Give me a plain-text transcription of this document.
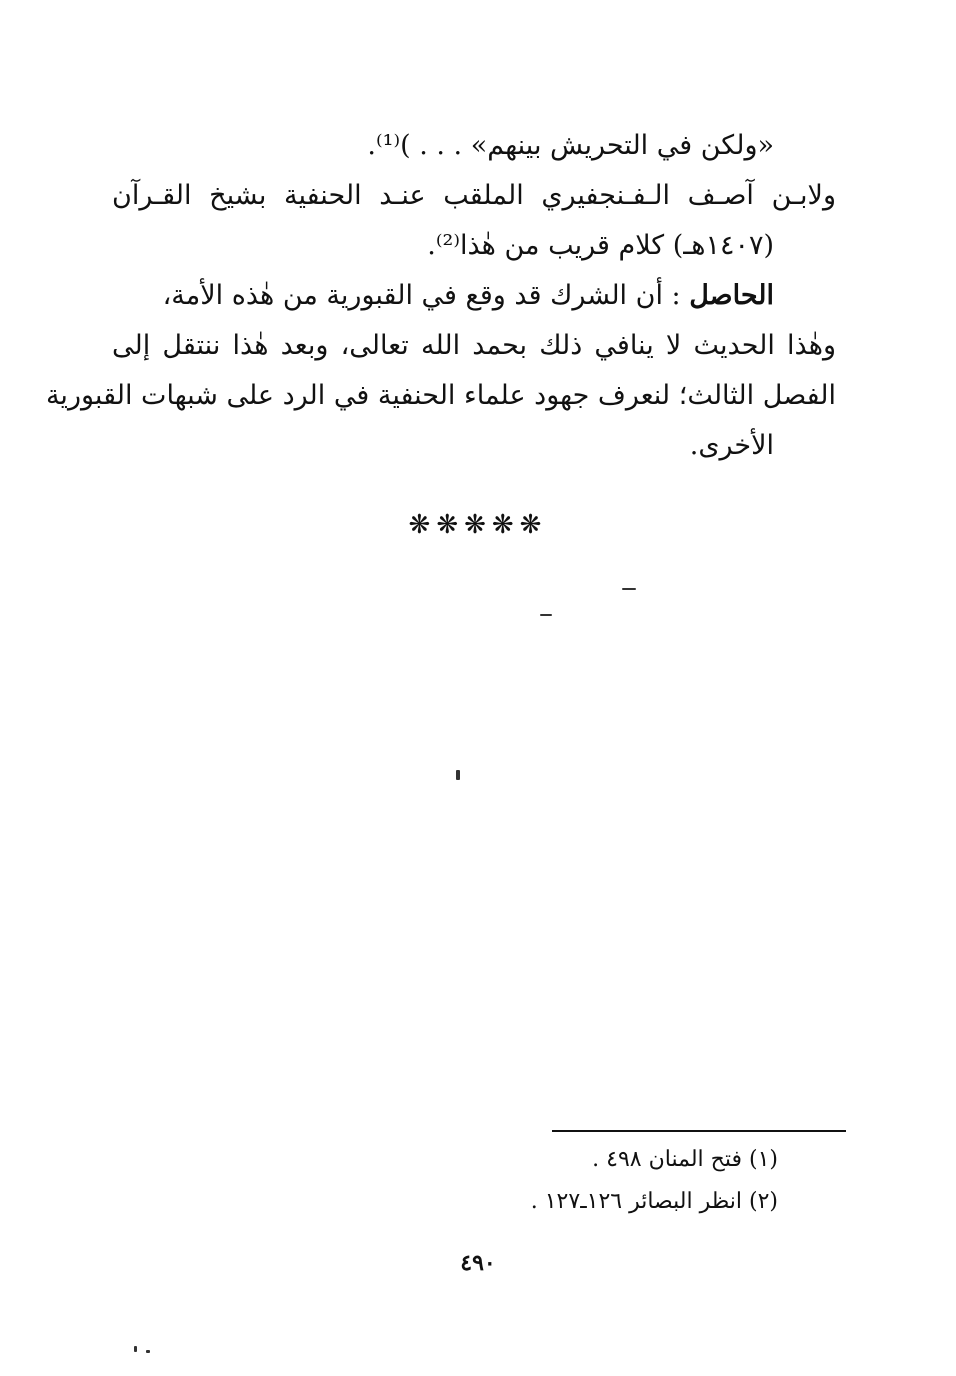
«ولكن في التحريش بينهم» . . . )⁽¹⁾.
ولابـن آصـف الـفـنجفيري الملقب عنـد الحنفية بشيخ القـرآن
(١٤٠٧هـ) كلام قريب من هٰذا⁽²⁾.
الحاصل : أن الشرك قد وقع في القبورية من هٰذه الأمة،
وهٰذا الحديث لا ينافي ذلك بحمد الله تعالى، وبعد هٰذا ننتقل إلى
الفصل الثالث؛ لنعرف جهود علماء الحنفية في الرد على شبهات القبورية
الأخرى.
❋❋❋❋❋
(١) فتح المنان ٤٩٨ .
(٢) انظر البصائر ١٢٦ـ١٢٧ .
٤٩٠
